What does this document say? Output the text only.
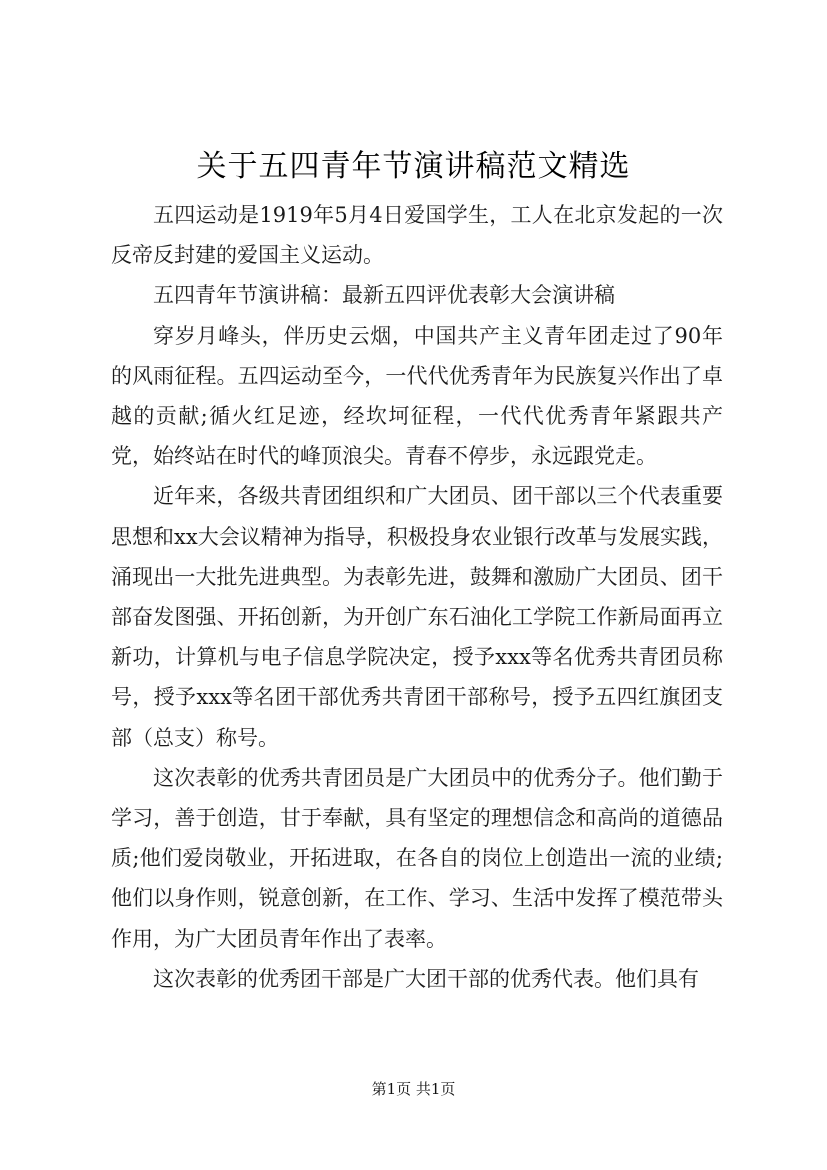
关于五四青年节演讲稿范文精选

五四运动是1919年5月4日爱国学生，工人在北京发起的一次反帝反封建的爱国主义运动。

五四青年节演讲稿：最新五四评优表彰大会演讲稿

穿岁月峰头，伴历史云烟，中国共产主义青年团走过了90年的风雨征程。五四运动至今，一代代优秀青年为民族复兴作出了卓越的贡献;循火红足迹，经坎坷征程，一代代优秀青年紧跟共产党，始终站在时代的峰顶浪尖。青春不停步，永远跟党走。

近年来，各级共青团组织和广大团员、团干部以三个代表重要思想和xx大会议精神为指导，积极投身农业银行改革与发展实践，涌现出一大批先进典型。为表彰先进，鼓舞和激励广大团员、团干部奋发图强、开拓创新，为开创广东石油化工学院工作新局面再立新功，计算机与电子信息学院决定，授予xxx等名优秀共青团员称号，授予xxx等名团干部优秀共青团干部称号，授予五四红旗团支部（总支）称号。

这次表彰的优秀共青团员是广大团员中的优秀分子。他们勤于学习，善于创造，甘于奉献，具有坚定的理想信念和高尚的道德品质;他们爱岗敬业，开拓进取，在各自的岗位上创造出一流的业绩;他们以身作则，锐意创新，在工作、学习、生活中发挥了模范带头作用，为广大团员青年作出了表率。

这次表彰的优秀团干部是广大团干部的优秀代表。他们具有

第1页 共1页
